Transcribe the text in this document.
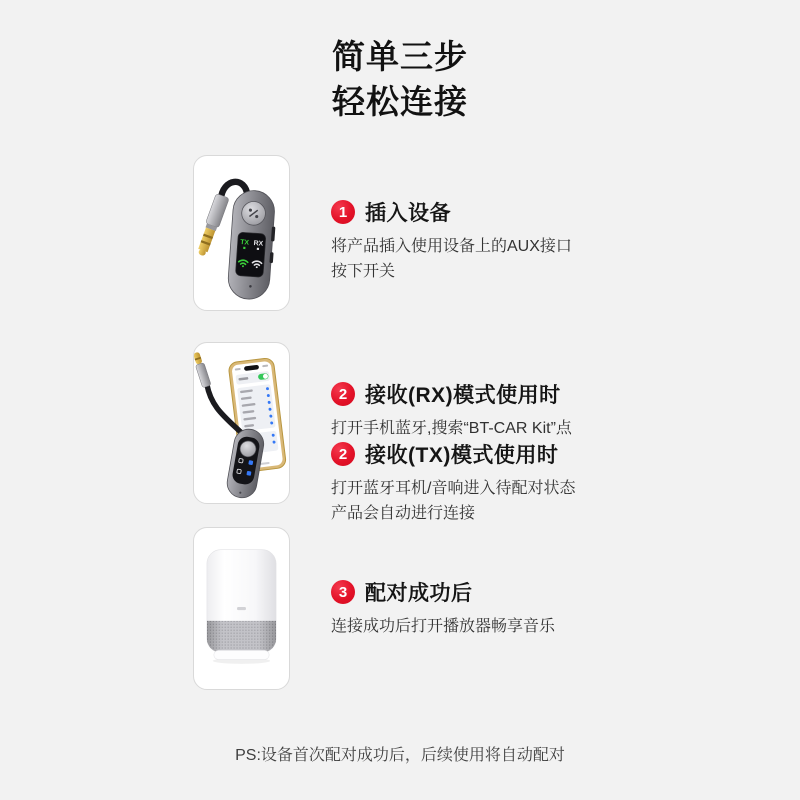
简单三步
轻松连接
TX RX
1 插入设备
将产品插入使用设备上的AUX接口
按下开关
2 接收(RX)模式使用时
打开手机蓝牙,搜索“BT-CAR Kit”点
2 接收(TX)模式使用时
打开蓝牙耳机/音响进入待配对状态
产品会自动进行连接
3 配对成功后
连接成功后打开播放器畅享音乐
PS:设备首次配对成功后，后续使用将自动配对
